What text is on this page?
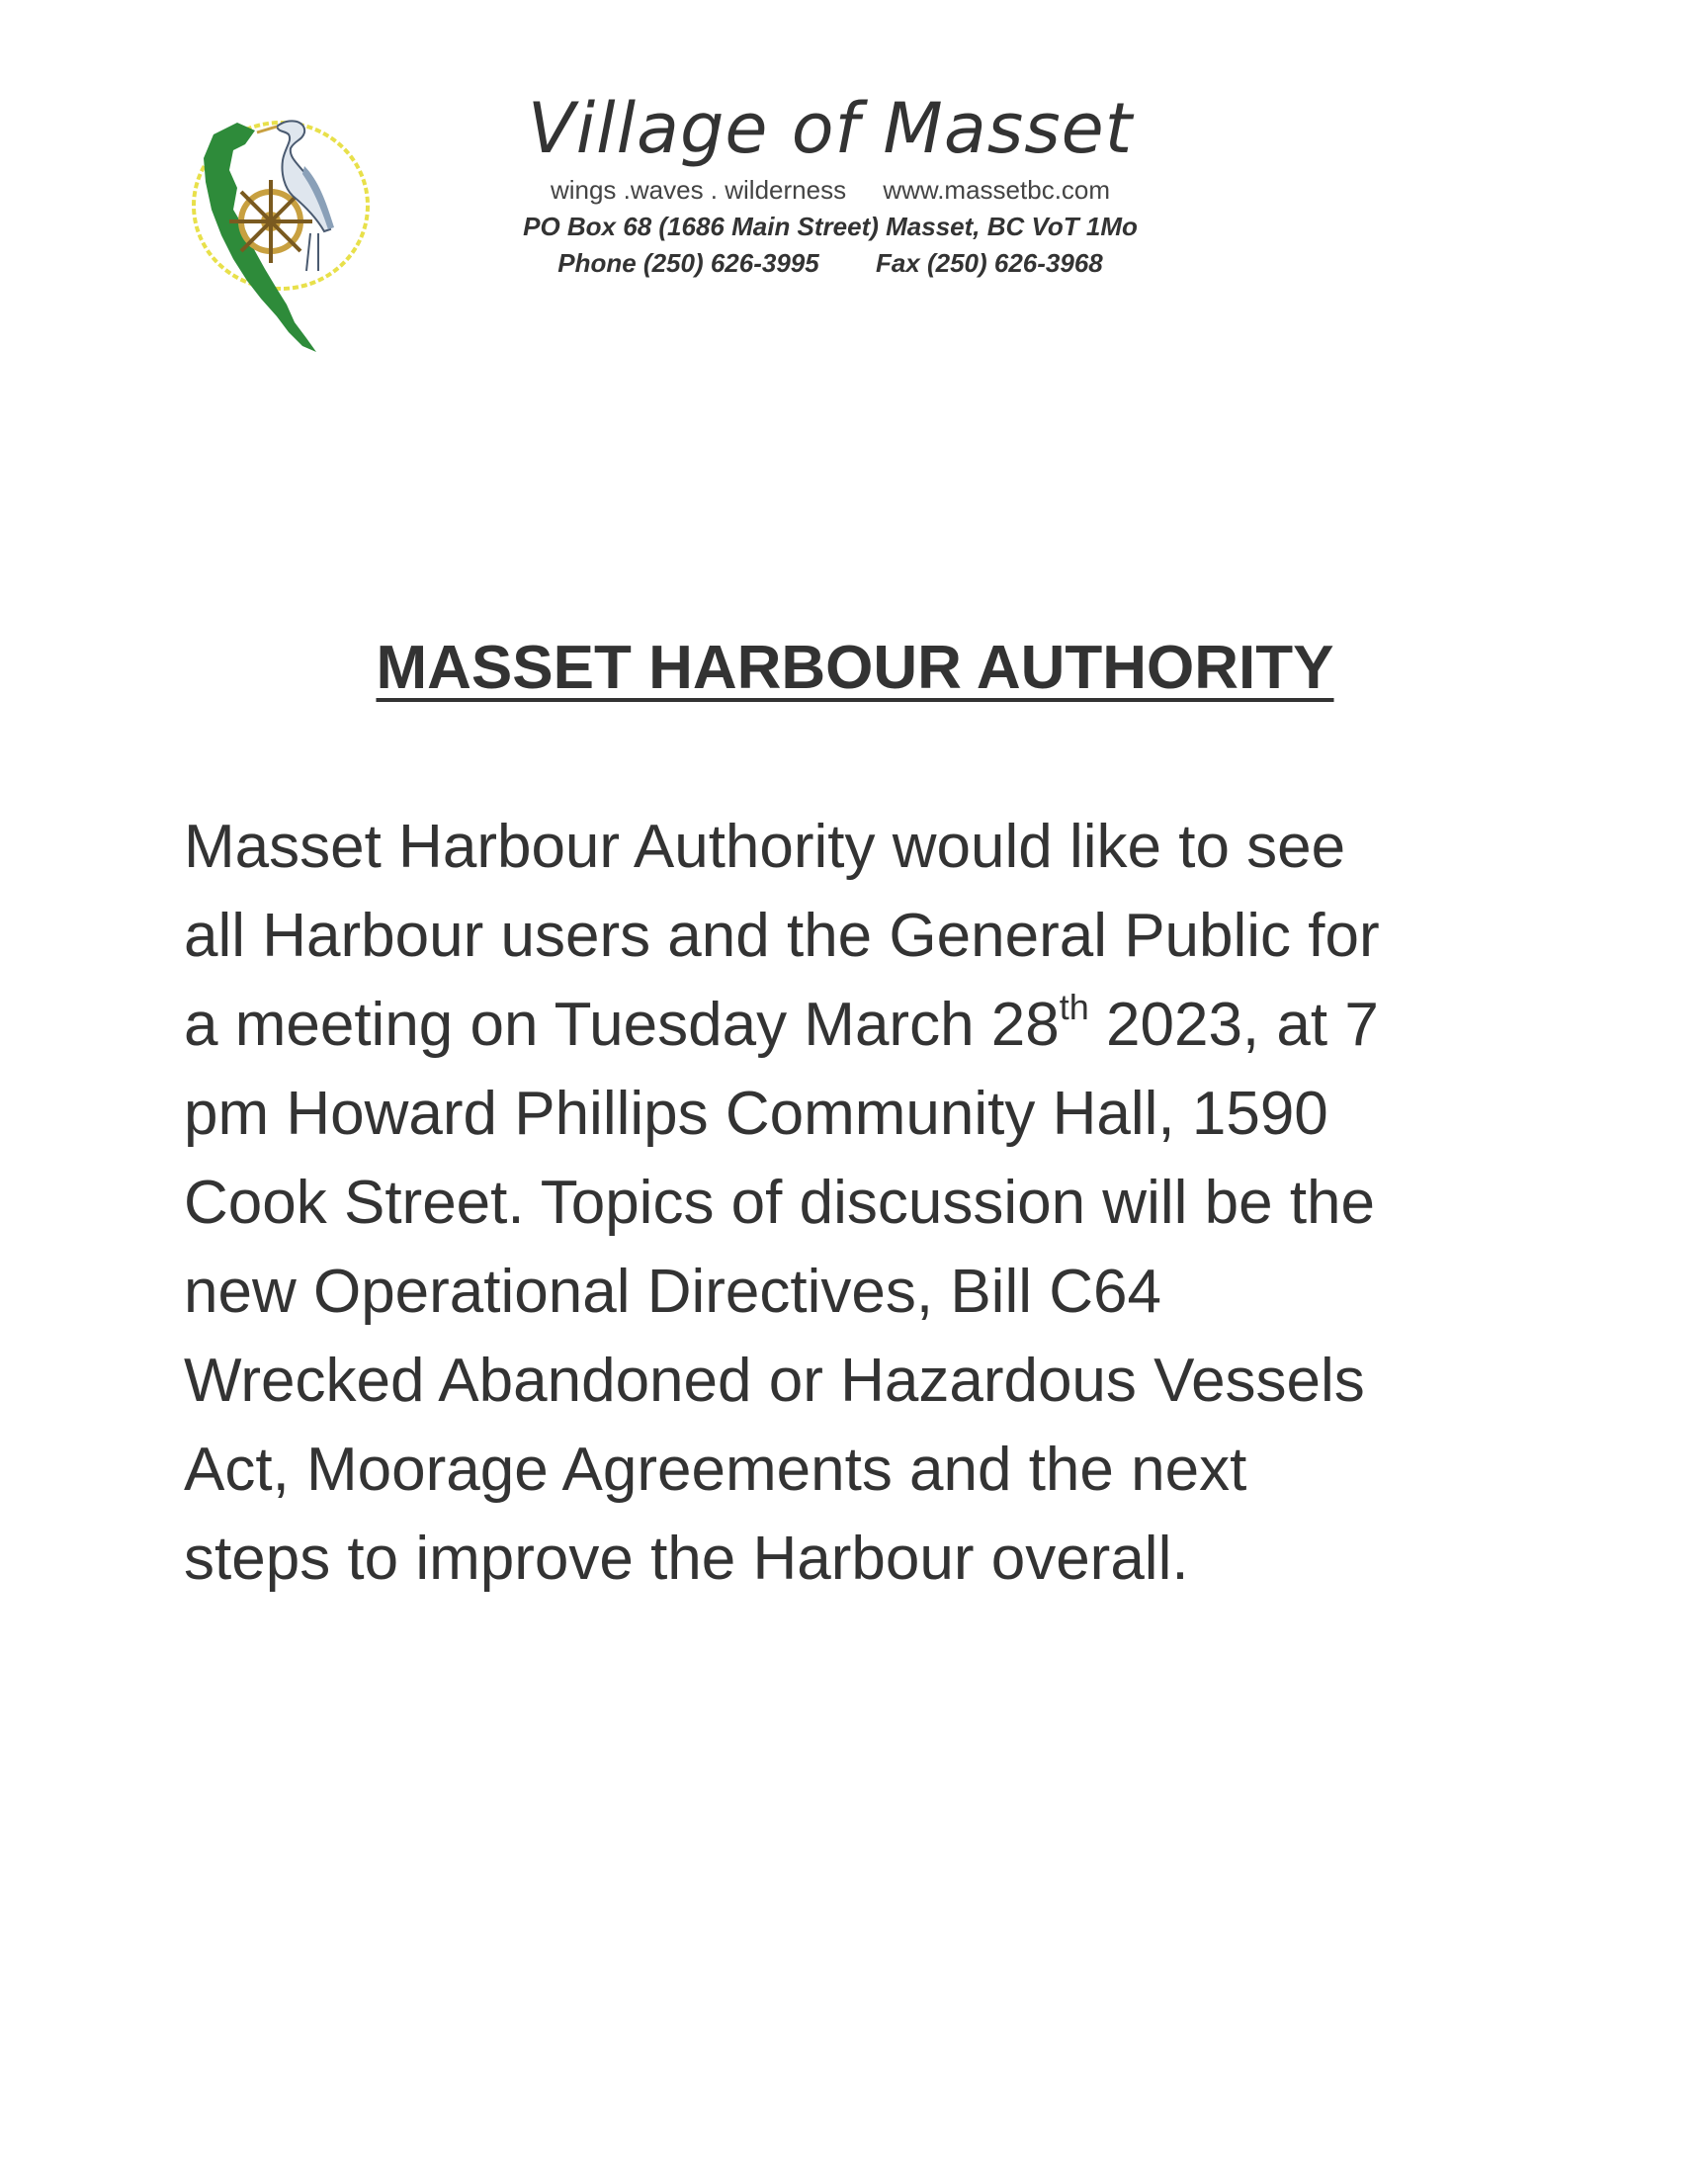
Village of Masset
wings .waves . wilderness www.massetbc.com
PO Box 68 (1686 Main Street) Masset, BC VoT 1Mo
Phone (250) 626-3995 Fax (250) 626-3968
MASSET HARBOUR AUTHORITY
Masset Harbour Authority would like to see
all Harbour users and the General Public for
a meeting on Tuesday March 28th 2023, at 7
pm Howard Phillips Community Hall, 1590
Cook Street. Topics of discussion will be the
new Operational Directives, Bill C64
Wrecked Abandoned or Hazardous Vessels
Act, Moorage Agreements and the next
steps to improve the Harbour overall.
